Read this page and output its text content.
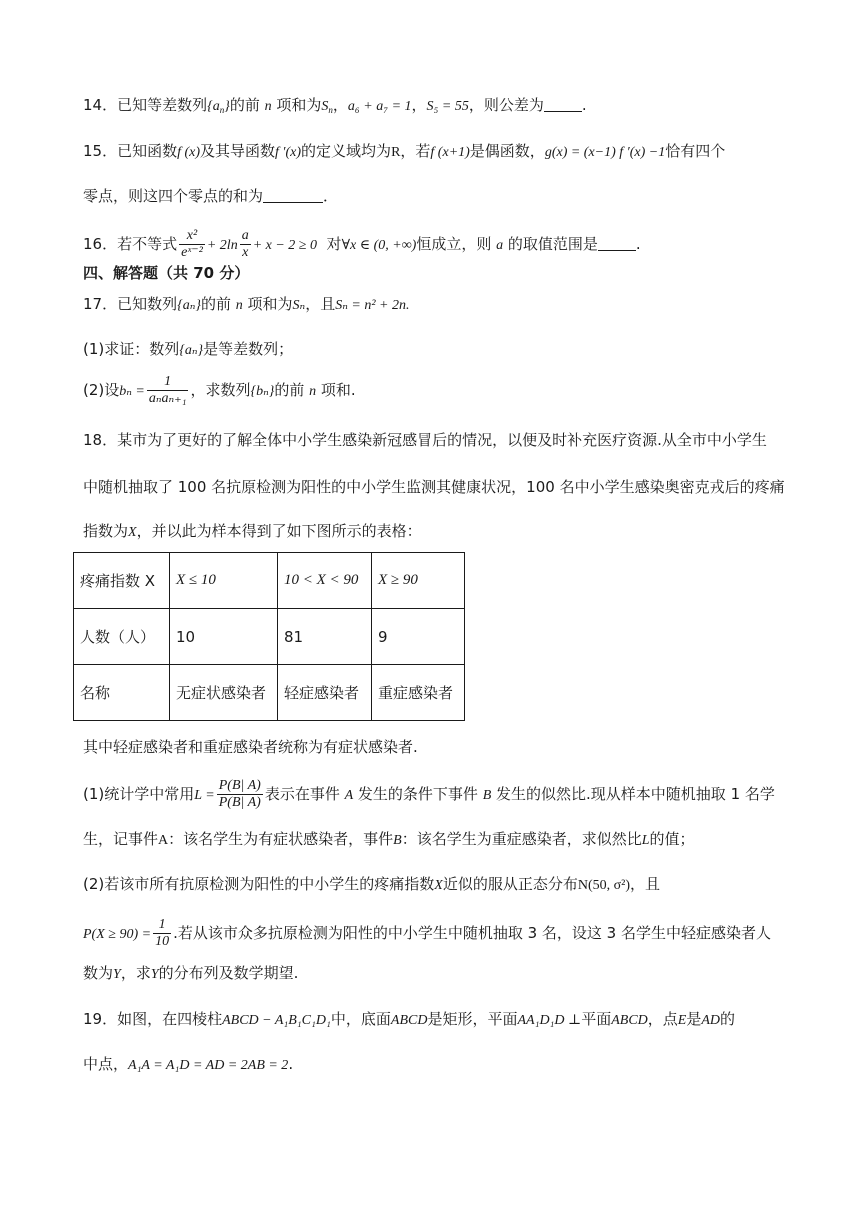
14．已知等差数列$\{a_n\}$的前 n 项和为$S_n$，a₆ + a₇ = 1，S₅ = 55，则公差为	.
15．已知函数f (x)及其导函数f ′(x)的定义域均为R，若f (x+1)是偶函数，g(x) = (x−1) f ′(x) −1恰有四个
零点，则这四个零点的和为	．
16．若不等式 $\frac{\text{x²}}{\text{eˣ⁻²}} + 2\ln \frac{a}{x} + x - 2 \ge 0$ 对∀x ∈ (0, +∞)恒成立，则 a 的取值范围是	.
四、解答题（共 70 分）
17．已知数列{aₙ}的前 n 项和为Sₙ，且Sₙ = n² + 2n.
(1)求证：数列{aₙ}是等差数列；
(2)设$b_n = \frac{1}{\text{aₙaₙ₊₁}}$ ，求数列{bₙ}的前 n 项和.
18．某市为了更好的了解全体中小学生感染新冠感冒后的情况，以便及时补充医疗资源.从全市中小学生
中随机抽取了 100 名抗原检测为阳性的中小学生监测其健康状况，100 名中小学生感染奥密克戎后的疼痛
指数为X，并以此为样本得到了如下图所示的表格：
疼痛指数 X	X ≤ 10	10 < X < 90	X ≥ 90
人数（人）	10	81	9
名称	无症状感染者	轻症感染者	重症感染者
其中轻症感染者和重症感染者统称为有症状感染者.
(1)统计学中常用$L = \frac{P(B| A)}{P(B| A)}$ 表示在事件 A 发生的条件下事件 B 发生的似然比.现从样本中随机抽取 1 名学
生，记事件A：该名学生为有症状感染者，事件B：该名学生为重症感染者，求似然比L的值；
(2)若该市所有抗原检测为阳性的中小学生的疼痛指数X近似的服从正态分布N(50, σ²)，且
$P(X \ge 90) = \frac{1}{10}$ .若从该市众多抗原检测为阳性的中小学生中随机抽取 3 名，设这 3 名学生中轻症感染者人
数为Y，求Y的分布列及数学期望.
19．如图，在四棱柱ABCD − A₁B₁C₁D₁中，底面ABCD是矩形，平面AA₁D₁D ⊥平面ABCD，点E是AD的
中点，A₁A = A₁D = AD = 2AB = 2.
